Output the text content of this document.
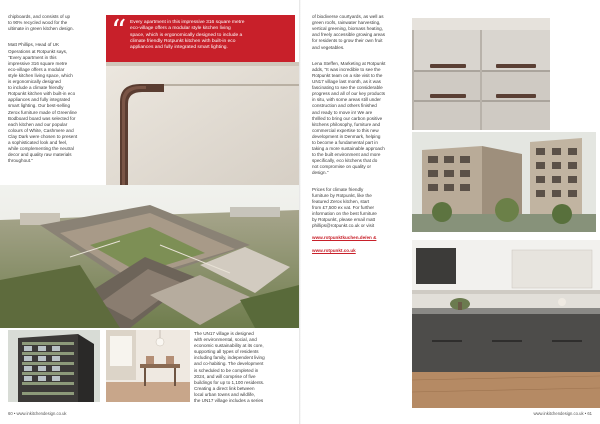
chipboards, and consists of up
to 90% recycled wood for the
ultimate in green kitchen design.

Matt Phillips, Head of UK
Operations at Rotpunkt says,
"Every apartment in this
impressive 316 square metre
eco-village offers a modular
style kitchen living space, which
is ergonomically designed
to include a climate friendly
Rotpunkt kitchen with built-in eco
appliances and fully integrated
smart lighting. Our best-selling
Zerox furniture made of Greenline
Bodboard board was selected for
each kitchen and our popular
colours of White, Cashmere and
Clay Dark were chosen to present
a sophisticated look and feel,
while complementing the neutral
decor and quality raw materials
throughout."

“ Every apartment in this impressive 316 square metre
eco-village offers a modular style kitchen living
space, which is ergonomically designed to include a
climate friendly Rotpunkt kitchen with built-in eco
appliances and fully integrated smart lighting.
The UN17 village is designed
with environmental, social, and
economic sustainability at its core,
supporting all types of residents
including family, independent living
and co-habiting. The development
is scheduled to be completed in
2024, and will comprise of five
buildings for up to 1,100 residents.
Creating a direct link between
local urban towns and wildlife,
the UN17 village includes a series
60 • www.inkitchendesign.co.uk

of biodiverse courtyards, as well as
green roofs, rainwater harvesting,
vertical greening, biomass heating,
and freely accessible growing areas
for residents to grow their own fruit
and vegetables.

Lena Steffen, Marketing at Rotpunkt
adds, "It was incredible to see the
Rotpunkt team on a site visit to the
UN17 village last month, as it was
fascinating to see the considerable
progress and all of our key products
in situ, with some areas still under
construction and others finished
and ready to move in! We are
thrilled to bring our carbon positive
kitchens philosophy, furniture and
commercial expertise to this new
development in Denmark, helping
to become a fundamental part in
taking a more sustainable approach
to the built environment and more
specifically, eco kitchens that do
not compromise on quality or
design."

Prices for climate friendly
furniture by Rotpunkt, like the
featured Zerox kitchen, start
from £7,500 ex vat. For further
information on the best furniture
by Rotpunkt, please email matt
phillips@rotpunkt.co.uk or visit

www.rotpunktkuchen.de/en &

www.rotpunkt.co.uk

www.inkitchendesign.co.uk • 61
